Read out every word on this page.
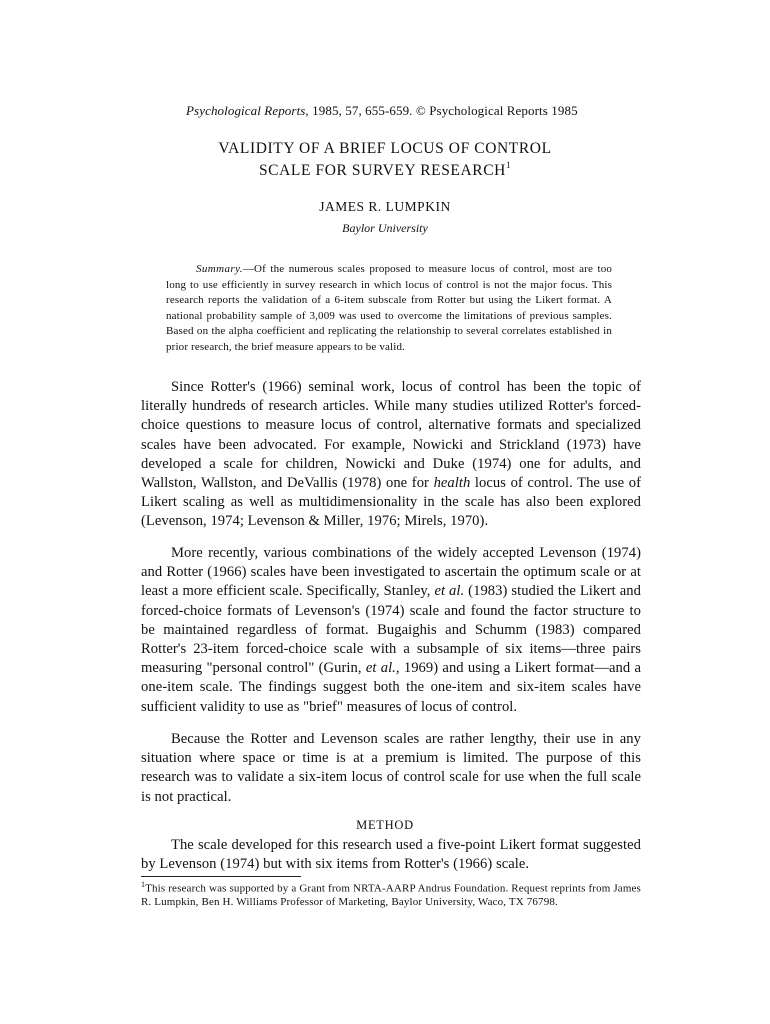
Psychological Reports, 1985, 57, 655-659. © Psychological Reports 1985
VALIDITY OF A BRIEF LOCUS OF CONTROL
SCALE FOR SURVEY RESEARCH$^1$
JAMES R. LUMPKIN
Baylor University

Summary.—Of the numerous scales proposed to measure locus of control, most are too long to use efficiently in survey research in which locus of control is not the major focus. This research reports the validation of a 6-item subscale from Rotter but using the Likert format. A national probability sample of 3,009 was used to overcome the limitations of previous samples. Based on the alpha coefficient and replicating the relationship to several correlates established in prior research, the brief measure appears to be valid.

Since Rotter's (1966) seminal work, locus of control has been the topic of literally hundreds of research articles. While many studies utilized Rotter's forced-choice questions to measure locus of control, alternative formats and specialized scales have been advocated. For example, Nowicki and Strickland (1973) have developed a scale for children, Nowicki and Duke (1974) one for adults, and Wallston, Wallston, and DeVallis (1978) one for health locus of control. The use of Likert scaling as well as multidimensionality in the scale has also been explored (Levenson, 1974; Levenson & Miller, 1976; Mirels, 1970).

More recently, various combinations of the widely accepted Levenson (1974) and Rotter (1966) scales have been investigated to ascertain the optimum scale or at least a more efficient scale. Specifically, Stanley, et al. (1983) studied the Likert and forced-choice formats of Levenson's (1974) scale and found the factor structure to be maintained regardless of format. Bugaighis and Schumm (1983) compared Rotter's 23-item forced-choice scale with a subsample of six items—three pairs measuring "personal control" (Gurin, et al., 1969) and using a Likert format—and a one-item scale. The findings suggest both the one-item and six-item scales have sufficient validity to use as "brief" measures of locus of control.

Because the Rotter and Levenson scales are rather lengthy, their use in any situation where space or time is at a premium is limited. The purpose of this research was to validate a six-item locus of control scale for use when the full scale is not practical.

METHOD

The scale developed for this research used a five-point Likert format suggested by Levenson (1974) but with six items from Rotter's (1966) scale.

$^1$This research was supported by a Grant from NRTA-AARP Andrus Foundation. Request reprints from James R. Lumpkin, Ben H. Williams Professor of Marketing, Baylor University, Waco, TX 76798.
